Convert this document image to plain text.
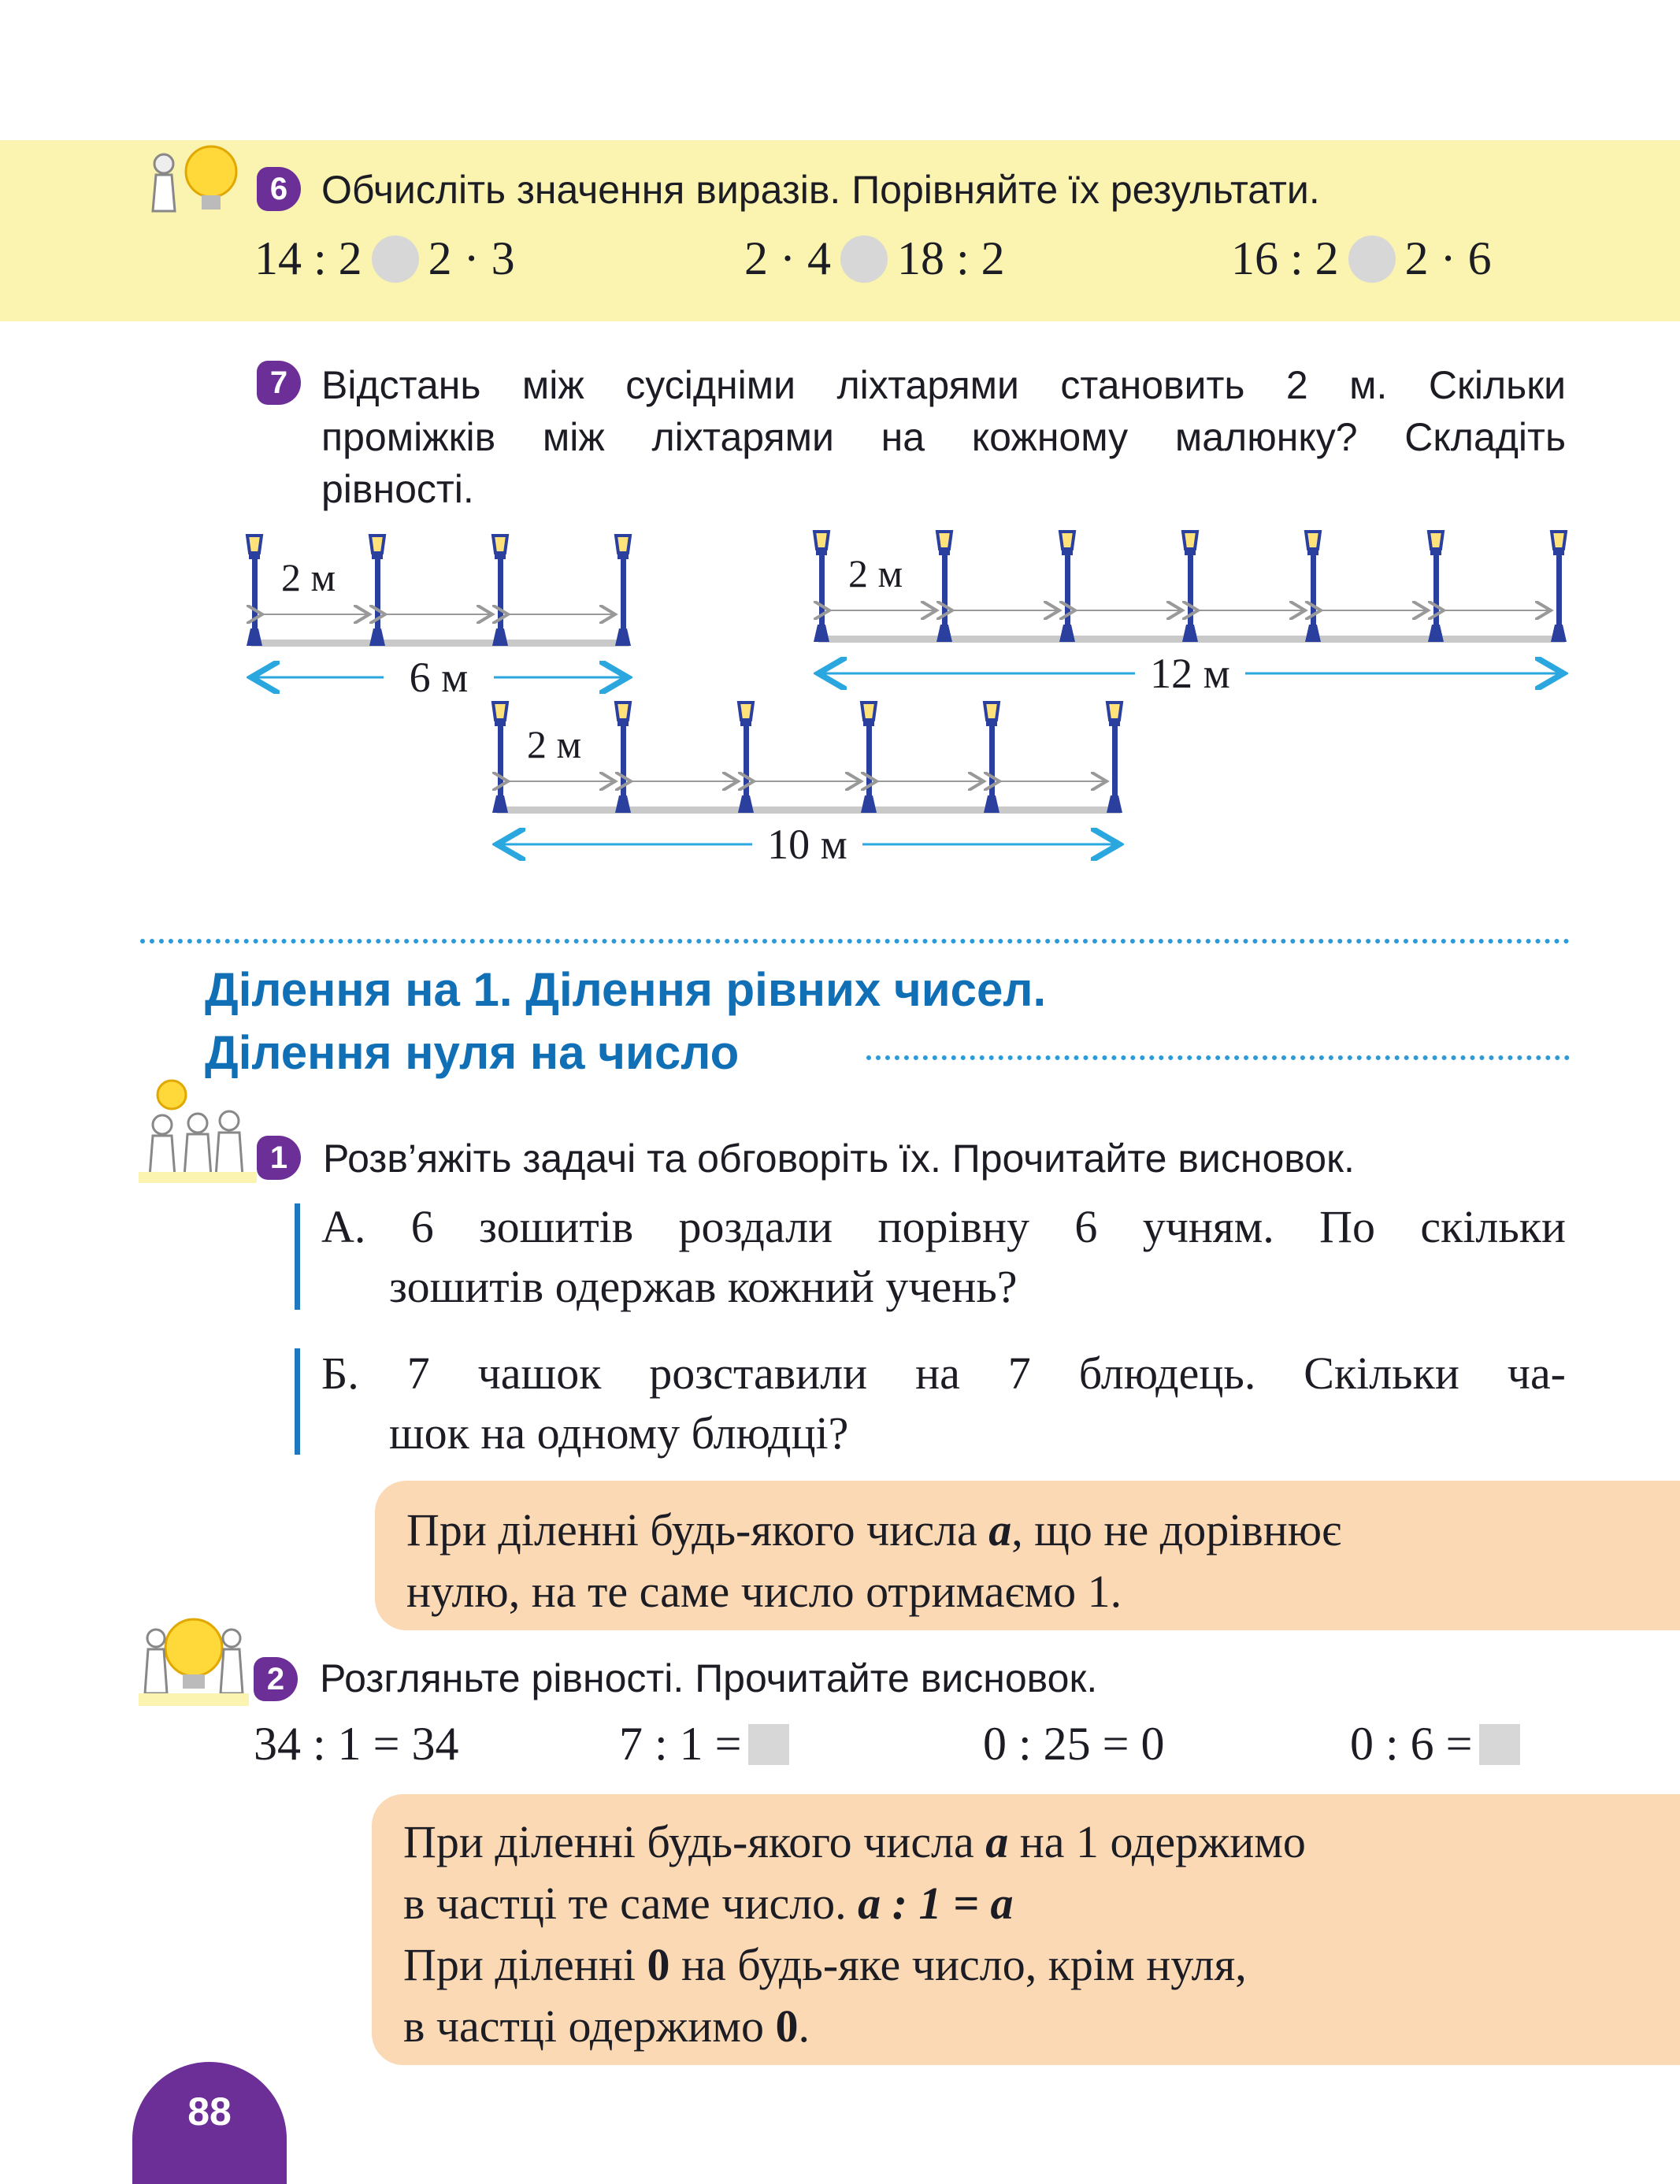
6 Обчисліть значення виразів. Порівняйте їх результати.
14 : 2 2 · 3	2 · 4 18 : 2	16 : 2 2 · 6
7 Відстань між сусідніми ліхтарями становить 2 м. Скільки
проміжків між ліхтарями на кожному малюнку? Складіть
рівності.
2 м
6 м
2 м
12 м
2 м
10 м
Ділення на 1. Ділення рівних чисел.
Ділення нуля на число
1 Розв’яжіть задачі та обговоріть їх. Прочитайте висновок.
А. 6 зошитів роздали порівну 6 учням. По скільки
зошитів одержав кожний учень?
Б. 7 чашок розставили на 7 блюдець. Скільки ча-
шок на одному блюдці?

При діленні будь-якого числа a, що не дорівнює

нулю, на те саме число отримаємо 1.

2 Розгляньте рівності. Прочитайте висновок.
34 : 1 = 34	7 : 1 =	0 : 25 = 0	0 : 6 =

При діленні будь-якого числа a на 1 одержимо

в частці те саме число. a : 1 = a

При діленні 0 на будь-яке число, крім нуля,

в частці одержимо 0.

88
